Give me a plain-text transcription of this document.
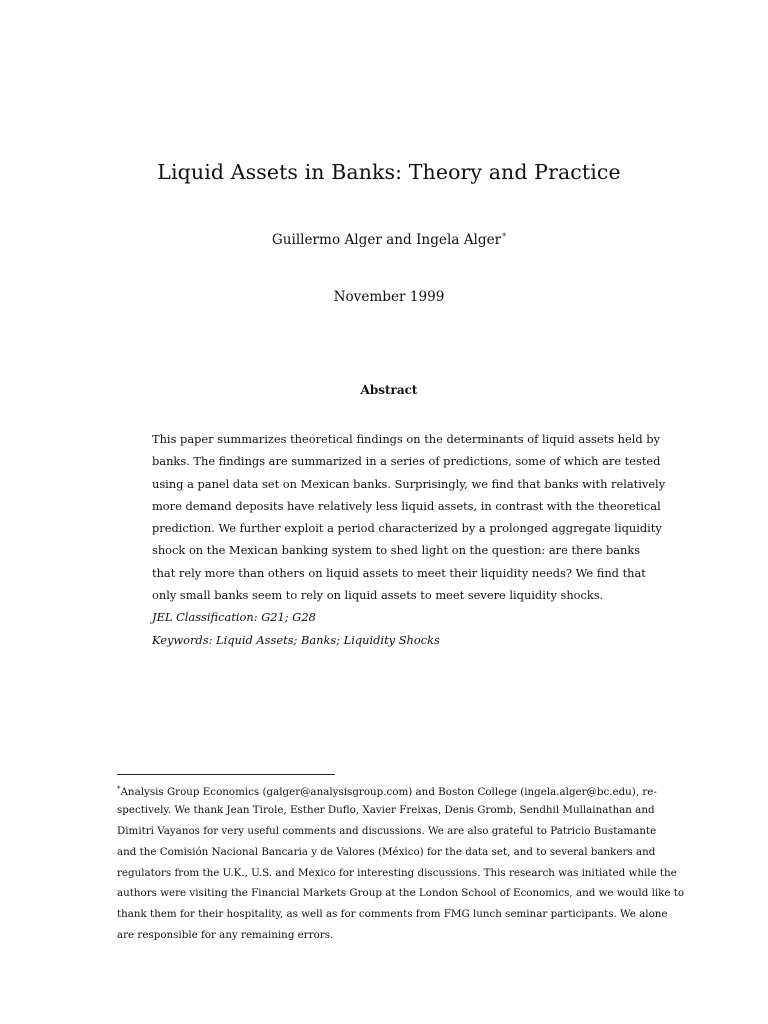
Liquid Assets in Banks: Theory and Practice
Guillermo Alger and Ingela Alger*
November 1999
Abstract
This paper summarizes theoretical findings on the determinants of liquid assets held by
banks. The findings are summarized in a series of predictions, some of which are tested
using a panel data set on Mexican banks. Surprisingly, we find that banks with relatively
more demand deposits have relatively less liquid assets, in contrast with the theoretical
prediction. We further exploit a period characterized by a prolonged aggregate liquidity
shock on the Mexican banking system to shed light on the question: are there banks
that rely more than others on liquid assets to meet their liquidity needs? We find that
only small banks seem to rely on liquid assets to meet severe liquidity shocks.
JEL Classification: G21; G28
Keywords: Liquid Assets; Banks; Liquidity Shocks
*Analysis Group Economics (galger@analysisgroup.com) and Boston College (ingela.alger@bc.edu), re-
spectively. We thank Jean Tirole, Esther Duflo, Xavier Freixas, Denis Gromb, Sendhil Mullainathan and
Dimitri Vayanos for very useful comments and discussions. We are also grateful to Patricio Bustamante
and the Comisión Nacional Bancaria y de Valores (México) for the data set, and to several bankers and
regulators from the U.K., U.S. and Mexico for interesting discussions. This research was initiated while the
authors were visiting the Financial Markets Group at the London School of Economics, and we would like to
thank them for their hospitality, as well as for comments from FMG lunch seminar participants. We alone
are responsible for any remaining errors.
